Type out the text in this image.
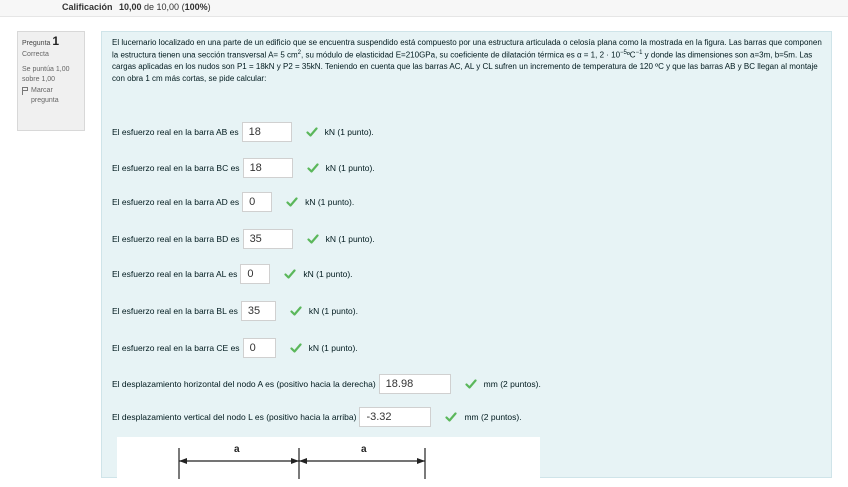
Calificación 10,00 de 10,00 (100%)
Pregunta 1
Correcta
Se puntúa 1,00
sobre 1,00
Marcar
pregunta
El lucernario localizado en una parte de un edificio que se encuentra suspendido está compuesto por una estructura articulada o celosía plana como la mostrada en la figura. Las barras que componen la estructura tienen una sección transversal A= 5 $cm^2$, su módulo de elasticidad E=210GPa, su coeficiente de dilatación térmica es α = 1, $2 \cdot 10^{-5}ºC^{-1}$ y donde las dimensiones son a=3m, b=5m. Las cargas aplicadas en los nudos son P1 = 18kN y P2 = 35kN. Teniendo en cuenta que las barras AC, AL y CL sufren un incremento de temperatura de 120 ºC y que las barras AB y BC llegan al montaje con obra 1 cm más cortas, se pide calcular:
El esfuerzo real en la barra AB es 18	kN (1 punto).
El esfuerzo real en la barra BC es 18	kN (1 punto).
El esfuerzo real en la barra AD es 0	kN (1 punto).
El esfuerzo real en la barra BD es 35	kN (1 punto).
El esfuerzo real en la barra AL es 0	kN (1 punto).
El esfuerzo real en la barra BL es 35	kN (1 punto).
El esfuerzo real en la barra CE es 0	kN (1 punto).
El desplazamiento horizontal del nodo A es (positivo hacia la derecha) 18.98	mm (2 puntos).
El desplazamiento vertical del nodo L es (positivo hacia la arriba) -3.32	mm (2 puntos).
a	a
